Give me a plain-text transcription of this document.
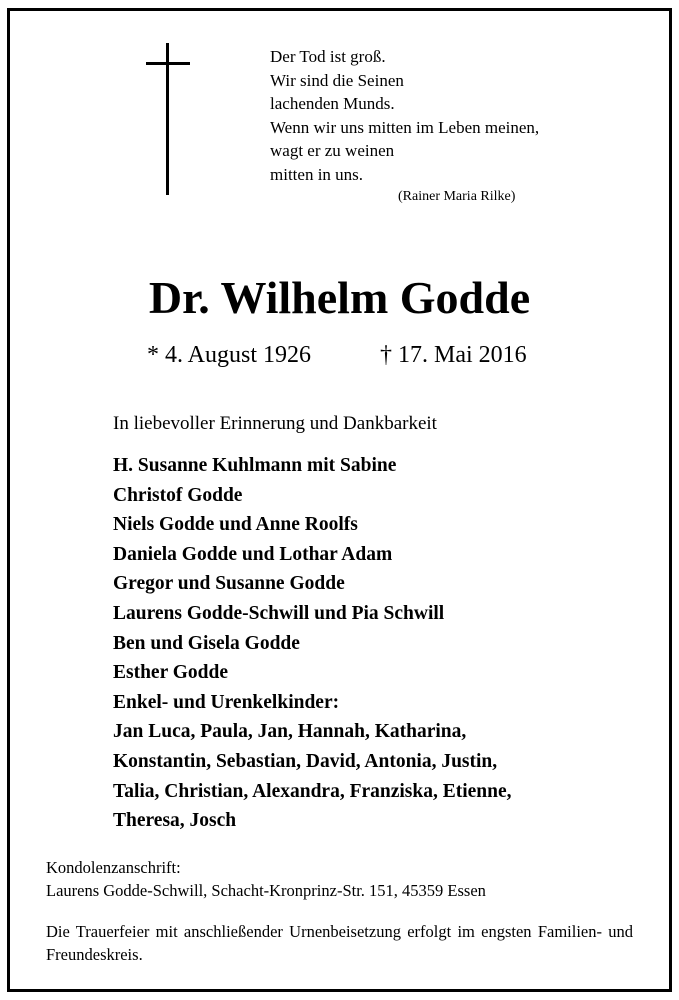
Der Tod ist groß.
Wir sind die Seinen
lachenden Munds.
Wenn wir uns mitten im Leben meinen,
wagt er zu weinen
mitten in uns.
(Rainer Maria Rilke)
Dr. Wilhelm Godde
* 4. August 1926	† 17. Mai 2016
In liebevoller Erinnerung und Dankbarkeit
H. Susanne Kuhlmann mit Sabine
Christof Godde
Niels Godde und Anne Roolfs
Daniela Godde und Lothar Adam
Gregor und Susanne Godde
Laurens Godde-Schwill und Pia Schwill
Ben und Gisela Godde
Esther Godde
Enkel- und Urenkelkinder:
Jan Luca, Paula, Jan, Hannah, Katharina,
Konstantin, Sebastian, David, Antonia, Justin,
Talia, Christian, Alexandra, Franziska, Etienne,
Theresa, Josch
Kondolenzanschrift:
Laurens Godde-Schwill, Schacht-Kronprinz-Str. 151, 45359 Essen
Die Trauerfeier mit anschließender Urnenbeisetzung erfolgt im engsten Familien- und Freundeskreis.
